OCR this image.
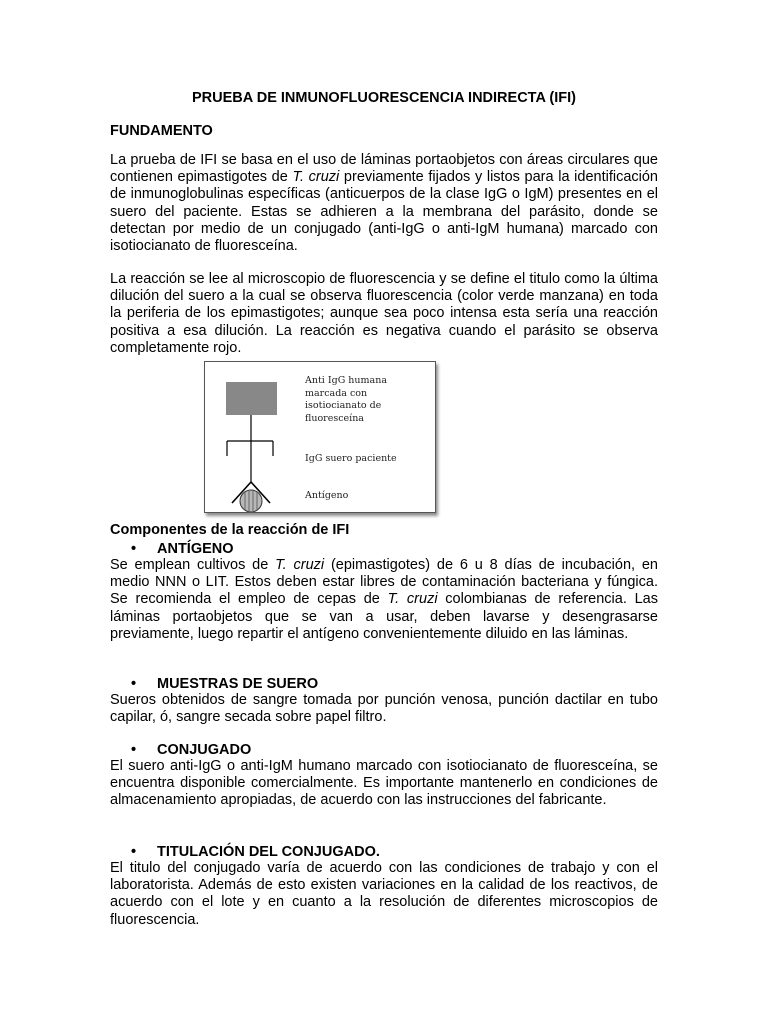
PRUEBA DE INMUNOFLUORESCENCIA INDIRECTA (IFI)
FUNDAMENTO

La prueba de IFI se basa en el uso de láminas portaobjetos con áreas circulares que contienen epimastigotes de T. cruzi previamente fijados y listos para la identificación de inmunoglobulinas específicas (anticuerpos de la clase IgG o IgM) presentes en el suero del paciente. Estas se adhieren a la membrana del parásito, donde se detectan por medio de un conjugado (anti-IgG o anti-IgM humana) marcado con isotiocianato de fluoresceína.

La reacción se lee al microscopio de fluorescencia y se define el titulo como la última dilución del suero a la cual se observa fluorescencia (color verde manzana) en toda la periferia de los epimastigotes; aunque sea poco intensa esta sería una reacción positiva a esa dilución. La reacción es negativa cuando el parásito se observa completamente rojo.

Anti IgG humana marcada con isotiocianato de fluoresceína
IgG suero paciente
Antígeno
Componentes de la reacción de IFI
• ANTÍGENO

Se emplean cultivos de T. cruzi (epimastigotes) de 6 u 8 días de incubación, en medio NNN o LIT. Estos deben estar libres de contaminación bacteriana y fúngica. Se recomienda el empleo de cepas de T. cruzi colombianas de referencia. Las láminas portaobjetos que se van a usar, deben lavarse y desengrasarse previamente, luego repartir el antígeno convenientemente diluido en las láminas.

• MUESTRAS DE SUERO

Sueros obtenidos de sangre tomada por punción venosa, punción dactilar en tubo capilar, ó, sangre secada sobre papel filtro.

• CONJUGADO

El suero anti-IgG o anti-IgM humano marcado con isotiocianato de fluoresceína, se encuentra disponible comercialmente. Es importante mantenerlo en condiciones de almacenamiento apropiadas, de acuerdo con las instrucciones del fabricante.

• TITULACIÓN DEL CONJUGADO.

El titulo del conjugado varía de acuerdo con las condiciones de trabajo y con el laboratorista. Además de esto existen variaciones en la calidad de los reactivos, de acuerdo con el lote y en cuanto a la resolución de diferentes microscopios de fluorescencia.
